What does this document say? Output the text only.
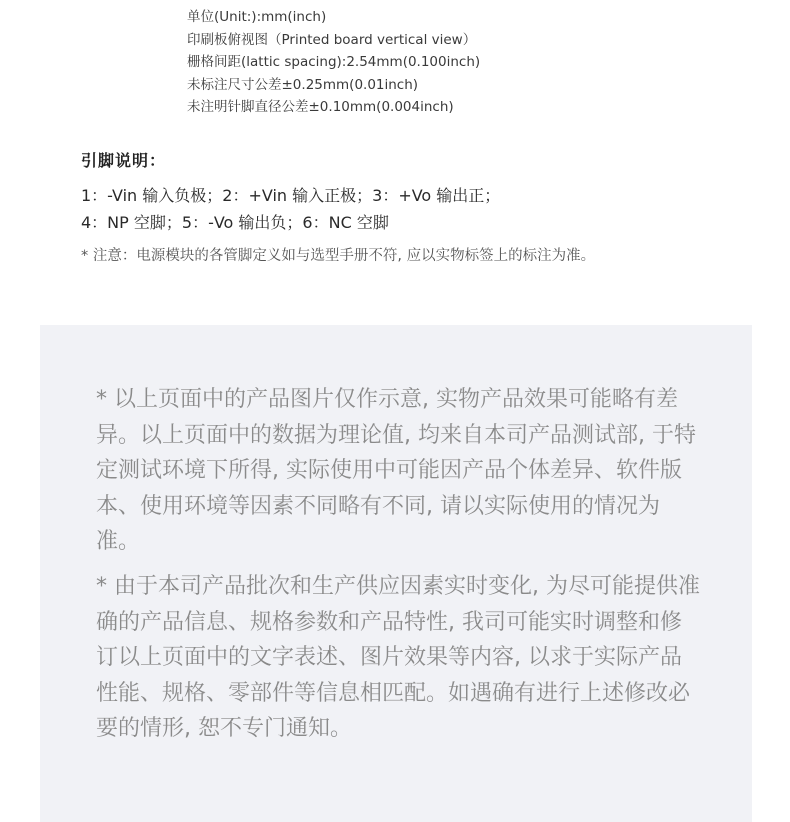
单位(Unit:):mm(inch)
印刷板俯视图（Printed board vertical view）
栅格间距(lattic spacing):2.54mm(0.100inch)
未标注尺寸公差±0.25mm(0.01inch)
未注明针脚直径公差±0.10mm(0.004inch)
引脚说明：
1：-Vin 输入负极；2：+Vin 输入正极；3：+Vo 输出正；
4：NP 空脚；5：-Vo 输出负；6：NC 空脚
* 注意：电源模块的各管脚定义如与选型手册不符, 应以实物标签上的标注为准。
* 以上页面中的产品图片仅作示意, 实物产品效果可能略有差异。以上页面中的数据为理论值, 均来自本司产品测试部, 于特定测试环境下所得, 实际使用中可能因产品个体差异、软件版本、使用环境等因素不同略有不同, 请以实际使用的情况为准。
* 由于本司产品批次和生产供应因素实时变化, 为尽可能提供准确的产品信息、规格参数和产品特性, 我司可能实时调整和修订以上页面中的文字表述、图片效果等内容, 以求于实际产品性能、规格、零部件等信息相匹配。如遇确有进行上述修改必要的情形, 恕不专门通知。
